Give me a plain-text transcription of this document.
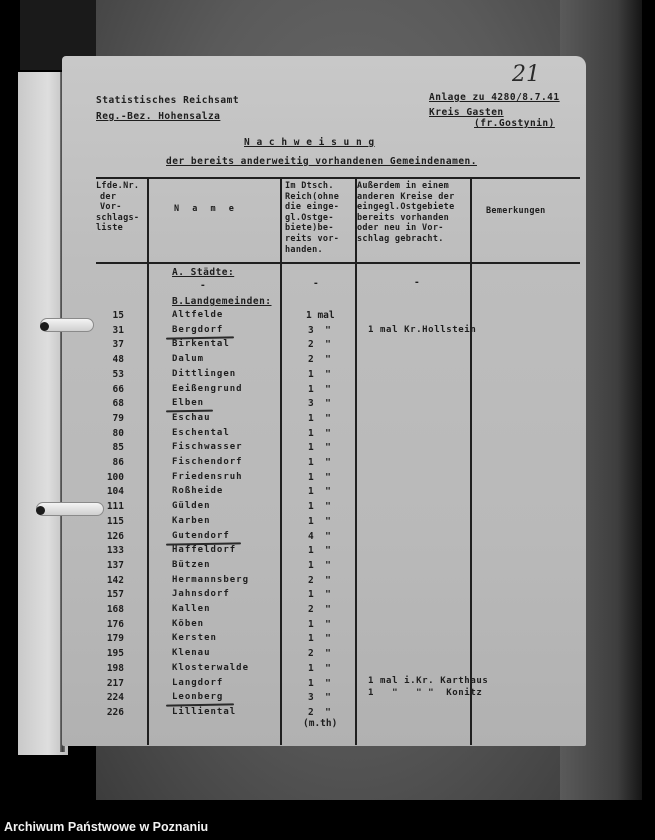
21
Statistisches Reichsamt
Reg.-Bez. Hohensalza
Anlage zu 4280/8.7.41
Kreis Gasten
(fr.Gostynin)
N a c h w e i s u n g
der bereits anderweitig vorhandenen Gemeindenamen.
Lfde.Nr.
der
Vor-
schlags-
liste
N a m e
Im Dtsch.
Reich(ohne
die einge-
gl.Ostge-
biete)be-
reits vor-
handen.
Außerdem in einem
anderen Kreise der
eingegl.Ostgebiete
bereits vorhanden
oder neu in Vor-
schlag gebracht.
Bemerkungen
A. Städte:
-	-	-
B.Landgemeinden:
15	Altfelde	1 mal
31	Bergdorf	3  "	1 mal Kr.Hollstein
37	Birkental	2  "
48	Dalum	2  "
53	Dittlingen	1  "
66	Eeißengrund	1  "
68	Elben	3  "
79	Eschau	1  "
80	Eschental	1  "
85	Fischwasser	1  "
86	Fischendorf	1  "
100	Friedensruh	1  "
104	Roßheide	1  "
111	Gülden	1  "
115	Karben	1  "
126	Gutendorf	4  "
133	Haffeldorf	1  "
137	Bützen	1  "
142	Hermannsberg	2  "
157	Jahnsdorf	1  "
168	Kallen	2  "
176	Köben	1  "
179	Kersten	1  "
195	Klenau	2  "
198	Klosterwalde	1  "
217	Langdorf	1  "	1 mal i.Kr. Karthaus
224	Leonberg	3  "	1   "   " "  Konitz
226	Lilliental	2  "
(m.th)
Archiwum Państwowe w Poznaniu
